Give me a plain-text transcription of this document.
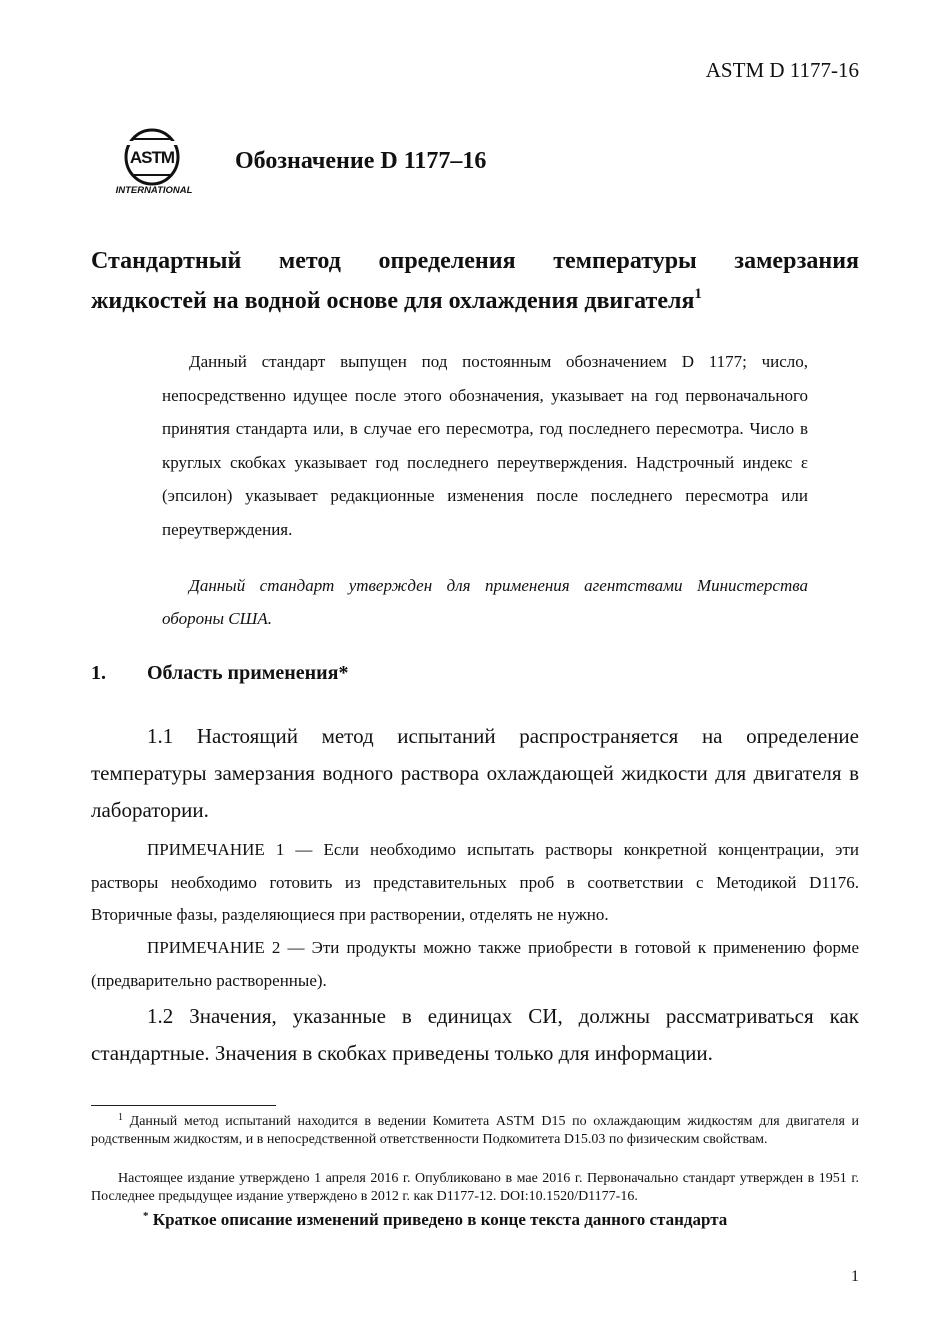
ASTM D 1177-16
ASTM
INTERNATIONAL
Обозначение D 1177–16
Стандартный метод определения температуры замерзания
жидкостей на водной основе для охлаждения двигателя$^1$
Данный стандарт выпущен под постоянным обозначением D 1177; число, непосредственно идущее после этого обозначения, указывает на год первоначального принятия стандарта или, в случае его пересмотра, год последнего пересмотра. Число в круглых скобках указывает год последнего переутверждения. Надстрочный индекс ε (эпсилон) указывает редакционные изменения после последнего пересмотра или переутверждения.
Данный стандарт утвержден для применения агентствами Министерства обороны США.
1. Область применения*
1.1 Настоящий метод испытаний распространяется на определение температуры замерзания водного раствора охлаждающей жидкости для двигателя в лаборатории.
ПРИМЕЧАНИЕ 1 — Если необходимо испытать растворы конкретной концентрации, эти растворы необходимо готовить из представительных проб в соответствии с Методикой D1176. Вторичные фазы, разделяющиеся при растворении, отделять не нужно.
ПРИМЕЧАНИЕ 2 — Эти продукты можно также приобрести в готовой к применению форме (предварительно растворенные).
1.2 Значения, указанные в единицах СИ, должны рассматриваться как стандартные. Значения в скобках приведены только для информации.
$^1$ Данный метод испытаний находится в ведении Комитета ASTM D15 по охлаждающим жидкостям для двигателя и родственным жидкостям, и в непосредственной ответственности Подкомитета D15.03 по физическим свойствам.
Настоящее издание утверждено 1 апреля 2016 г. Опубликовано в мае 2016 г. Первоначально стандарт утвержден в 1951 г. Последнее предыдущее издание утверждено в 2012 г. как D1177-12. DOI:10.1520/D1177-16.
* Краткое описание изменений приведено в конце текста данного стандарта
1
